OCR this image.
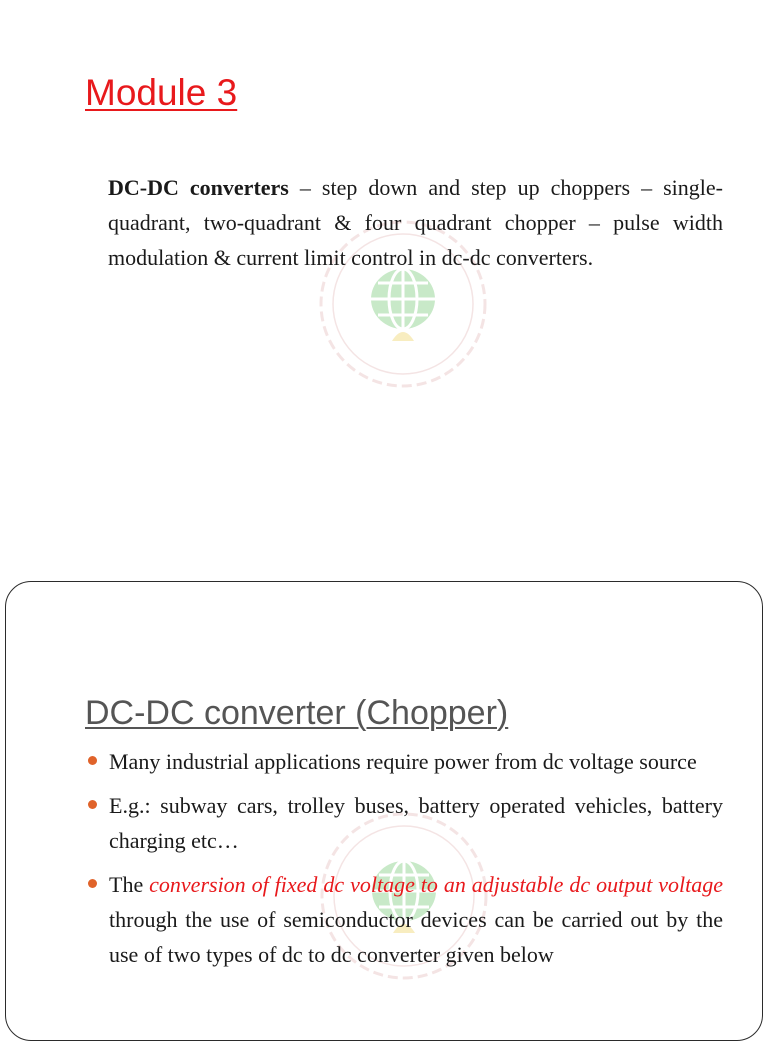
Module 3

DC-DC converters – step down and step up choppers – single-quadrant, two-quadrant & four quadrant chopper – pulse width modulation & current limit control in dc-dc converters.

DC-DC converter (Chopper)
Many industrial applications require power from dc voltage source
E.g.: subway cars, trolley buses, battery operated vehicles, battery charging etc…
The conversion of fixed dc voltage to an adjustable dc output voltage through the use of semiconductor devices can be carried out by the use of two types of dc to dc converter given below
